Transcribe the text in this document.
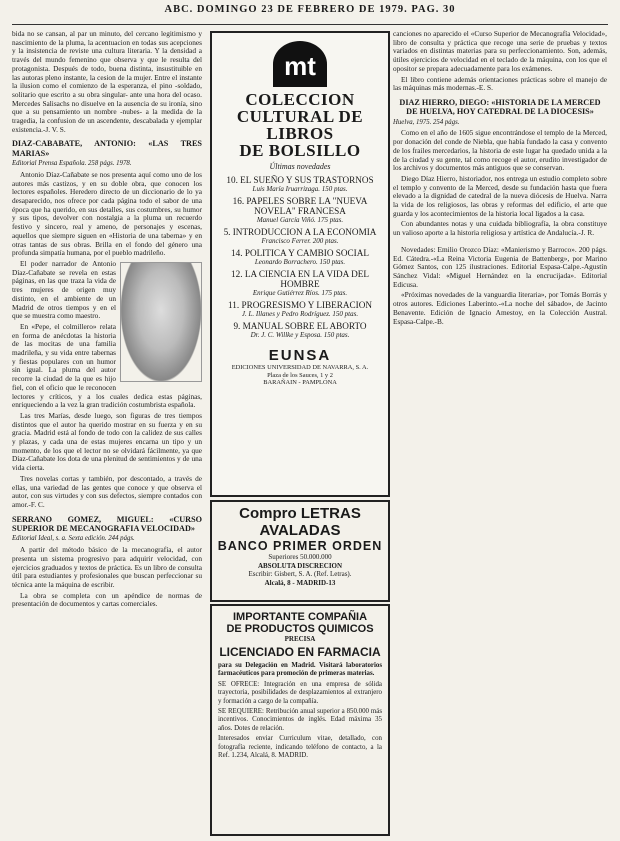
ABC. DOMINGO 23 DE FEBRERO DE 1979. PAG. 30

bida no se cansan, al par un minuto, del cercano legitimismo y nascimiento de la pluma, la acentuacion en todas sus acepciones y la insistencia de reviste una cultura literaria. Y la densidad a través del mundo femenino que observa y que le resulta del protagonista. Después de todo, buena distinta, insustituible en las autoras pleno instante, la cesion de la mujer. Entre el instante la ilusion como el comienzo de la esperanza, el pino -soldado, solitario que escrito a su obra singular- ante una hora del ocaso. Mercedes Salisachs no disuelve en la ausencia de su ironía, sino que a su pensamiento un nombre -nubes- a la medida de la tragedia, la confusion de un ascendente, descabalada y ejemplar existencia.-J. V. S.

DIAZ-CABABATE, ANTONIO: «LAS TRES MARIAS»

Editorial Prensa Española. 258 págs. 1978.

Antonio Díaz-Cañabate se nos presenta aquí como uno de los autores más castizos, y en su doble obra, que conocen los lectores españoles. Heredero directo de un diccionario de lo ya desaparecido, nos ofrece por cada página todo el sabor de una época que ha querido, en sus detalles, sus costumbres, su humor y sus tipos, devolver con nostalgia a la pluma un recuerdo festivo y sincero, real y ameno, de personajes y escenas, aquellos que siempre siguen en «Historia de una taberna» y en otras tantas de sus obras. Brilla en el fondo del género una profunda simpatía humana, por el pueblo madrileño.

El poder narrador de Antonio Díaz-Cañabate se revela en estas páginas, en las que traza la vida de tres mujeres de origen muy distinto, en el ambiente de un Madrid de otros tiempos y en el que se muestra como maestro.

En «Pepe, el colmillero» relata en forma de anécdotas la historia de las mocitas de una familia madrileña, y su vida entre tabernas y fiestas populares con un humor sin igual. La pluma del autor recorre la ciudad de la que es hijo fiel, con el oficio que le reconocen lectores y críticos, y a los cuales dedica estas páginas, enriqueciendo a la vez la gran tradición costumbrista española.

Las tres Marías, desde luego, son figuras de tres tiempos distintos que el autor ha querido mostrar en su fuerza y en su gracia. Madrid está al fondo de todo con la calidez de sus calles y plazas, y cada una de estas mujeres encarna un tipo y un momento, de los que el lector no se olvidará fácilmente, ya que Díaz-Cañabate los dota de una plenitud de sentimientos y de una vida cierta.

Tres novelas cortas y también, por descontado, a través de ellas, una variedad de las gentes que conoce y que observa el autor, con sus virtudes y con sus defectos, siempre contados con amor.-F. C.

SERRANO GOMEZ, MIGUEL: «CURSO SUPERIOR DE MECANOGRAFIA VELOCIDAD»

Editorial Ideal, s. a. Sexta edición. 244 págs.

A partir del método básico de la mecanografía, el autor presenta un sistema progresivo para adquirir velocidad, con ejercicios graduados y textos de práctica. Es un libro de consulta útil para estudiantes y profesionales que buscan perfeccionar su técnica ante la máquina de escribir.

La obra se completa con un apéndice de normas de presentación de documentos y cartas comerciales.

mt
COLECCION
CULTURAL DE
LIBROS
DE BOLSILLO
Últimas novedades
10. EL SUEÑO Y SUS TRASTORNOS
Luis María Iruarrizaga. 150 ptas.
16. PAPELES SOBRE LA "NUEVA NOVELA" FRANCESA
Manuel García Viñó. 175 ptas.
5. INTRODUCCION A LA ECONOMIA
Francisco Ferrer. 200 ptas.
14. POLITICA Y CAMBIO SOCIAL
Leonardo Borrachero. 150 ptas.
12. LA CIENCIA EN LA VIDA DEL HOMBRE
Enrique Gutiérrez Ríos. 175 ptas.
11. PROGRESISMO Y LIBERACION
J. L. Illanes y Pedro Rodríguez. 150 ptas.
9. MANUAL SOBRE EL ABORTO
Dr. J. C. Willke y Esposa. 150 ptas.
EUNSA
EDICIONES UNIVERSIDAD DE NAVARRA, S. A.
Plaza de los Sauces, 1 y 2
BARAÑAIN - PAMPLONA
Compro LETRAS AVALADAS
BANCO PRIMER ORDEN
Superiores 50.000.000
ABSOLUTA DISCRECION
Escribir: Gisbert, S. A. (Ref. Letras).
Alcalá, 8 - MADRID-13
IMPORTANTE COMPAÑIA
DE PRODUCTOS QUIMICOS
PRECISA
LICENCIADO EN FARMACIA

para su Delegación en Madrid. Visitará laboratorios farmacéuticos para promoción de primeras materias.

SE OFRECE: Integración en una empresa de sólida trayectoria, posibilidades de desplazamientos al extranjero y formación a cargo de la compañía.

SE REQUIERE: Retribución anual superior a 850.000 más incentivos. Conocimientos de inglés. Edad máxima 35 años. Dotes de relación.

Interesados enviar Curriculum vitae, detallado, con fotografía reciente, indicando teléfono de contacto, a la Ref. 1.234, Alcalá, 8. MADRID.

canciones no aparecido el «Curso Superior de Mecanografía Velocidad», libro de consulta y práctica que recoge una serie de pruebas y textos variados en distintas materias para su perfeccionamiento. Son, además, útiles ejercicios de velocidad en el teclado de la máquina, con los que el opositor se prepara adecuadamente para los exámenes.

El libro contiene además orientaciones prácticas sobre el manejo de las máquinas más modernas.-E. S.

DIAZ HIERRO, DIEGO: «HISTORIA DE LA MERCED DE HUELVA, HOY CATEDRAL DE LA DIOCESIS»

Huelva, 1975. 254 págs.

Como en el año de 1605 sigue encontrándose el templo de la Merced, por donación del conde de Niebla, que había fundado la casa y convento de los frailes mercedarios, la historia de este lugar ha quedado unida a la de la ciudad y su gente, tal como recoge el autor, erudito investigador de los archivos y documentos más antiguos que se conservan.

Diego Díaz Hierro, historiador, nos entrega un estudio completo sobre el templo y convento de la Merced, desde su fundación hasta que fuera elevado a la dignidad de catedral de la nueva diócesis de Huelva. Narra la vida de los religiosos, las obras y reformas del edificio, el arte que guarda y los acontecimientos de la historia local ligados a la casa.

Con abundantes notas y una cuidada bibliografía, la obra constituye un valioso aporte a la historia religiosa y artística de Andalucía.-J. R.

Novedades: Emilio Orozco Díaz: «Manierismo y Barroco». 200 págs. Ed. Cátedra.-«La Reina Victoria Eugenia de Battenberg», por Marino Gómez Santos, con 125 ilustraciones. Editorial Espasa-Calpe.-Agustín Sánchez Vidal: «Miguel Hernández en la encrucijada». Editorial Edicusa.

«Próximas novedades de la vanguardia literaria», por Tomás Borrás y otros autores. Ediciones Laberinto.-«La noche del sábado», de Jacinto Benavente. Edición de Ignacio Amestoy, en la Colección Austral. Espasa-Calpe.-B.
